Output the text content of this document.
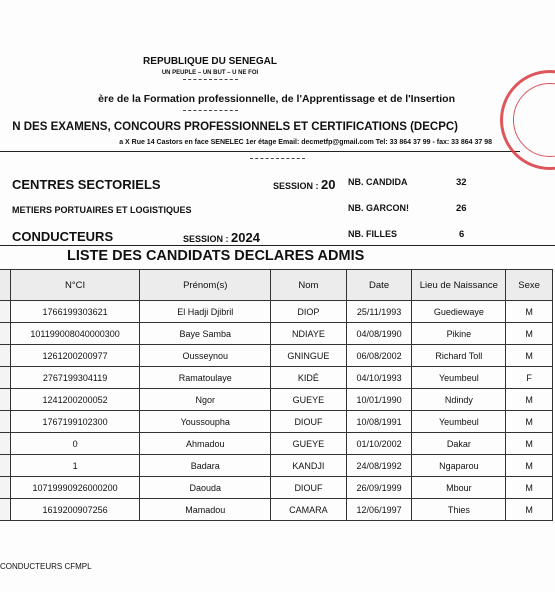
REPUBLIQUE DU SENEGAL
UN PEUPLE – UN BUT – U NE FOI
ère de la Formation professionnelle, de l'Apprentissage et de l'Insertion
N DES EXAMENS, CONCOURS PROFESSIONNELS ET CERTIFICATIONS (DECPC)
a X Rue 14 Castors en face SENELEC 1er étage Email: decmetfp@gmail.com Tel: 33 864 37 99 - fax: 33 864 37 98
CENTRES SECTORIELS
METIERS PORTUAIRES ET LOGISTIQUES
CONDUCTEURS
SESSION : 20
SESSION : 2024
NB. CANDIDA	32
NB. GARCON!	26
NB. FILLES	6
LISTE DES CANDIDATS DECLARES ADMIS
	N°CI	Prénom(s)	Nom	Date	Lieu de Naissance	Sexe
	1766199303621	El Hadji Djibril	DIOP	25/11/1993	Guediewaye	M
	101199008040000300	Baye Samba	NDIAYE	04/08/1990	Pikine	M
	1261200200977	Ousseynou	GNINGUE	06/08/2002	Richard Toll	M
	2767199304119	Ramatoulaye	KIDÉ	04/10/1993	Yeumbeul	F
	1241200200052	Ngor	GUEYE	10/01/1990	Ndindy	M
	1767199102300	Youssoupha	DIOUF	10/08/1991	Yeumbeul	M
	0	Ahmadou	GUEYE	01/10/2002	Dakar	M
	1	Badara	KANDJI	24/08/1992	Ngaparou	M
	10719990926000200	Daouda	DIOUF	26/09/1999	Mbour	M
	1619200907256	Mamadou	CAMARA	12/06/1997	Thies	M
CONDUCTEURS CFMPL
